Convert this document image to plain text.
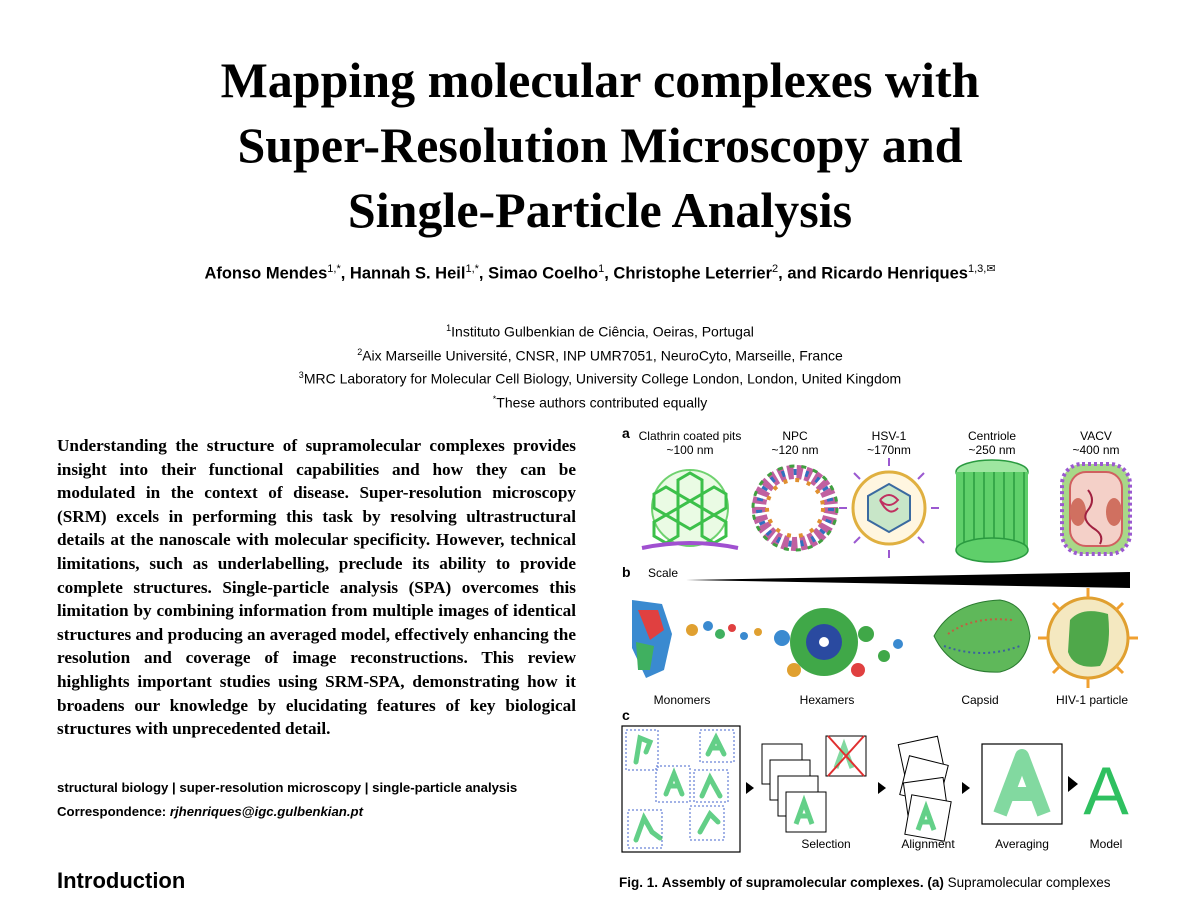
Mapping molecular complexes with
Super-Resolution Microscopy and
Single-Particle Analysis
Afonso Mendes$^{1,*}$, Hannah S. Heil$^{1,*}$, Simao Coelho$^1$, Christophe Leterrier$^2$, and Ricardo Henriques$^{1,3,✉}$
$^1$Instituto Gulbenkian de Ciência, Oeiras, Portugal
$^2$Aix Marseille Université, CNSR, INP UMR7051, NeuroCyto, Marseille, France
$^3$MRC Laboratory for Molecular Cell Biology, University College London, London, United Kingdom
*These authors contributed equally
Understanding the structure of supramolecular complexes provides insight into their functional capabilities and how they can be modulated in the context of disease. Super-resolution microscopy (SRM) excels in performing this task by resolving ultrastructural details at the nanoscale with molecular specificity. However, technical limitations, such as underlabelling, preclude its ability to provide complete structures. Single-particle analysis (SPA) overcomes this limitation by combining information from multiple images of identical structures and producing an averaged model, effectively enhancing the resolution and coverage of image reconstructions. This review highlights important studies using SRM-SPA, demonstrating how it broadens our knowledge by elucidating features of key biological structures with unprecedented detail.
structural biology | super-resolution microscopy | single-particle analysis
Correspondence: rjhenriques@igc.gulbenkian.pt
Introduction
a Clathrin coated pits
~100 nm
NPC
~120 nm
HSV-1
~170nm
Centriole
~250 nm
VACV
~400 nm
b Scale
Monomers	Hexamers	Capsid	HIV-1 particle
c
A
Selection	Alignment	Averaging	Model
Fig. 1. Assembly of supramolecular complexes. (a) Supramolecular complexes
